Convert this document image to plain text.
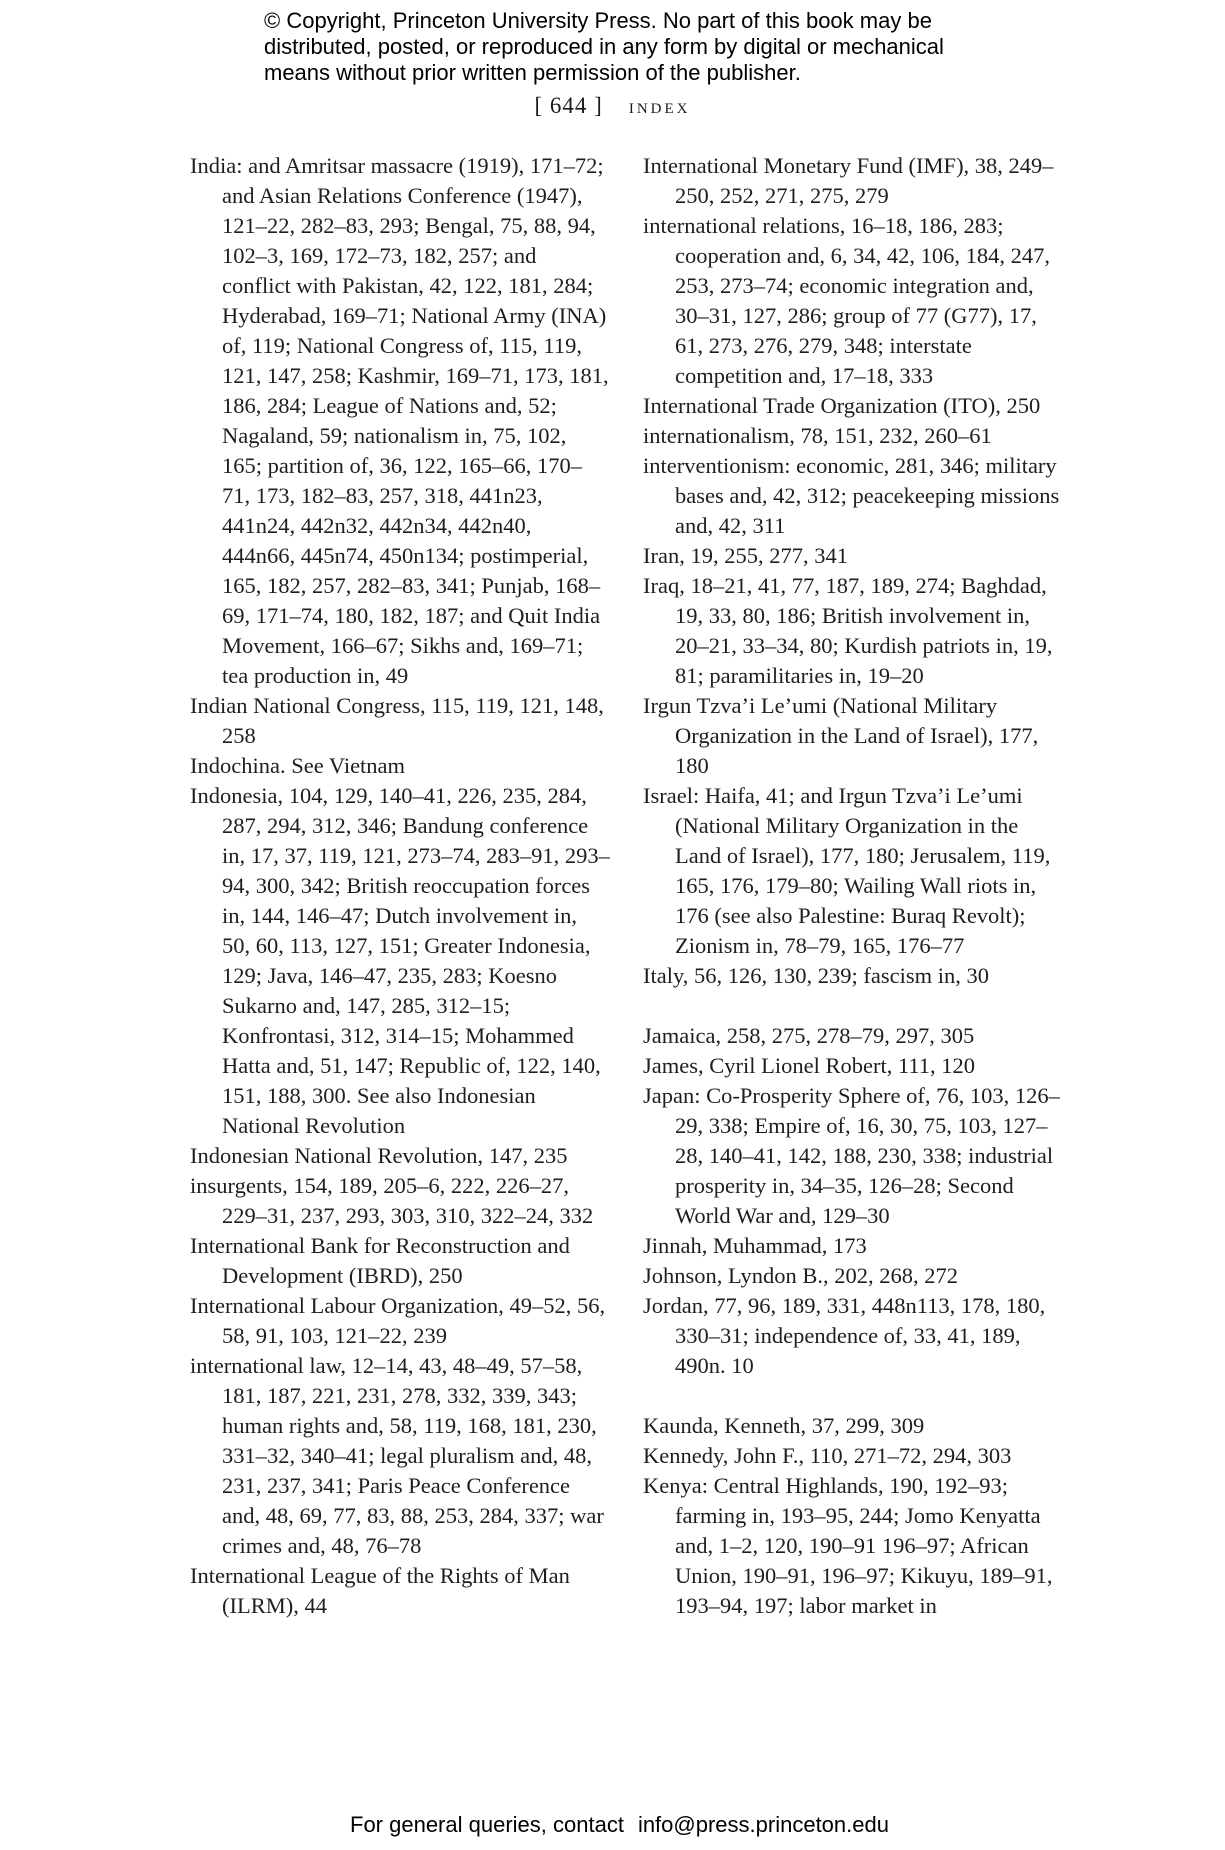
© Copyright, Princeton University Press. No part of this book may be
distributed, posted, or reproduced in any form by digital or mechanical
means without prior written permission of the publisher.
[ 644 ] index

India: and Amritsar massacre (1919), 171–72; and Asian Relations Conference (1947), 121–22, 282–83, 293; Bengal, 75, 88, 94, 102–3, 169, 172–73, 182, 257; and conflict with Pakistan, 42, 122, 181, 284; Hyderabad, 169–71; National Army (INA) of, 119; National Congress of, 115, 119, 121, 147, 258; Kashmir, 169–71, 173, 181, 186, 284; League of Nations and, 52; Nagaland, 59; nationalism in, 75, 102, 165; partition of, 36, 122, 165–66, 170–71, 173, 182–83, 257, 318, 441n23, 441n24, 442n32, 442n34, 442n40, 444n66, 445n74, 450n134; postimperial, 165, 182, 257, 282–83, 341; Punjab, 168–69, 171–74, 180, 182, 187; and Quit India Movement, 166–67; Sikhs and, 169–71; tea production in, 49

Indian National Congress, 115, 119, 121, 148, 258

Indochina. See Vietnam

Indonesia, 104, 129, 140–41, 226, 235, 284, 287, 294, 312, 346; Bandung conference in, 17, 37, 119, 121, 273–74, 283–91, 293–94, 300, 342; British reoccupation forces in, 144, 146–47; Dutch involvement in, 50, 60, 113, 127, 151; Greater Indonesia, 129; Java, 146–47, 235, 283; Koesno Sukarno and, 147, 285, 312–15; Konfrontasi, 312, 314–15; Mohammed Hatta and, 51, 147; Republic of, 122, 140, 151, 188, 300. See also Indonesian National Revolution

Indonesian National Revolution, 147, 235

insurgents, 154, 189, 205–6, 222, 226–27, 229–31, 237, 293, 303, 310, 322–24, 332

International Bank for Reconstruction and Development (IBRD), 250

International Labour Organization, 49–52, 56, 58, 91, 103, 121–22, 239

international law, 12–14, 43, 48–49, 57–58, 181, 187, 221, 231, 278, 332, 339, 343; human rights and, 58, 119, 168, 181, 230, 331–32, 340–41; legal pluralism and, 48, 231, 237, 341; Paris Peace Conference and, 48, 69, 77, 83, 88, 253, 284, 337; war crimes and, 48, 76–78

International League of the Rights of Man (ILRM), 44

International Monetary Fund (IMF), 38, 249–250, 252, 271, 275, 279

international relations, 16–18, 186, 283; cooperation and, 6, 34, 42, 106, 184, 247, 253, 273–74; economic integration and, 30–31, 127, 286; group of 77 (G77), 17, 61, 273, 276, 279, 348; interstate competition and, 17–18, 333

International Trade Organization (ITO), 250

internationalism, 78, 151, 232, 260–61

interventionism: economic, 281, 346; military bases and, 42, 312; peacekeeping missions and, 42, 311

Iran, 19, 255, 277, 341

Iraq, 18–21, 41, 77, 187, 189, 274; Baghdad, 19, 33, 80, 186; British involvement in, 20–21, 33–34, 80; Kurdish patriots in, 19, 81; paramilitaries in, 19–20

Irgun Tzva’i Le’umi (National Military Organization in the Land of Israel), 177, 180

Israel: Haifa, 41; and Irgun Tzva’i Le’umi (National Military Organization in the Land of Israel), 177, 180; Jerusalem, 119, 165, 176, 179–80; Wailing Wall riots in, 176 (see also Palestine: Buraq Revolt); Zionism in, 78–79, 165, 176–77

Italy, 56, 126, 130, 239; fascism in, 30

Jamaica, 258, 275, 278–79, 297, 305

James, Cyril Lionel Robert, 111, 120

Japan: Co-Prosperity Sphere of, 76, 103, 126–29, 338; Empire of, 16, 30, 75, 103, 127–28, 140–41, 142, 188, 230, 338; industrial prosperity in, 34–35, 126–28; Second World War and, 129–30

Jinnah, Muhammad, 173

Johnson, Lyndon B., 202, 268, 272

Jordan, 77, 96, 189, 331, 448n113, 178, 180, 330–31; independence of, 33, 41, 189, 490n. 10

Kaunda, Kenneth, 37, 299, 309

Kennedy, John F., 110, 271–72, 294, 303

Kenya: Central Highlands, 190, 192–93; farming in, 193–95, 244; Jomo Kenyatta and, 1–2, 120, 190–91 196–97; African Union, 190–91, 196–97; Kikuyu, 189–91, 193–94, 197; labor market in

For general queries, contact info@press.princeton.edu
